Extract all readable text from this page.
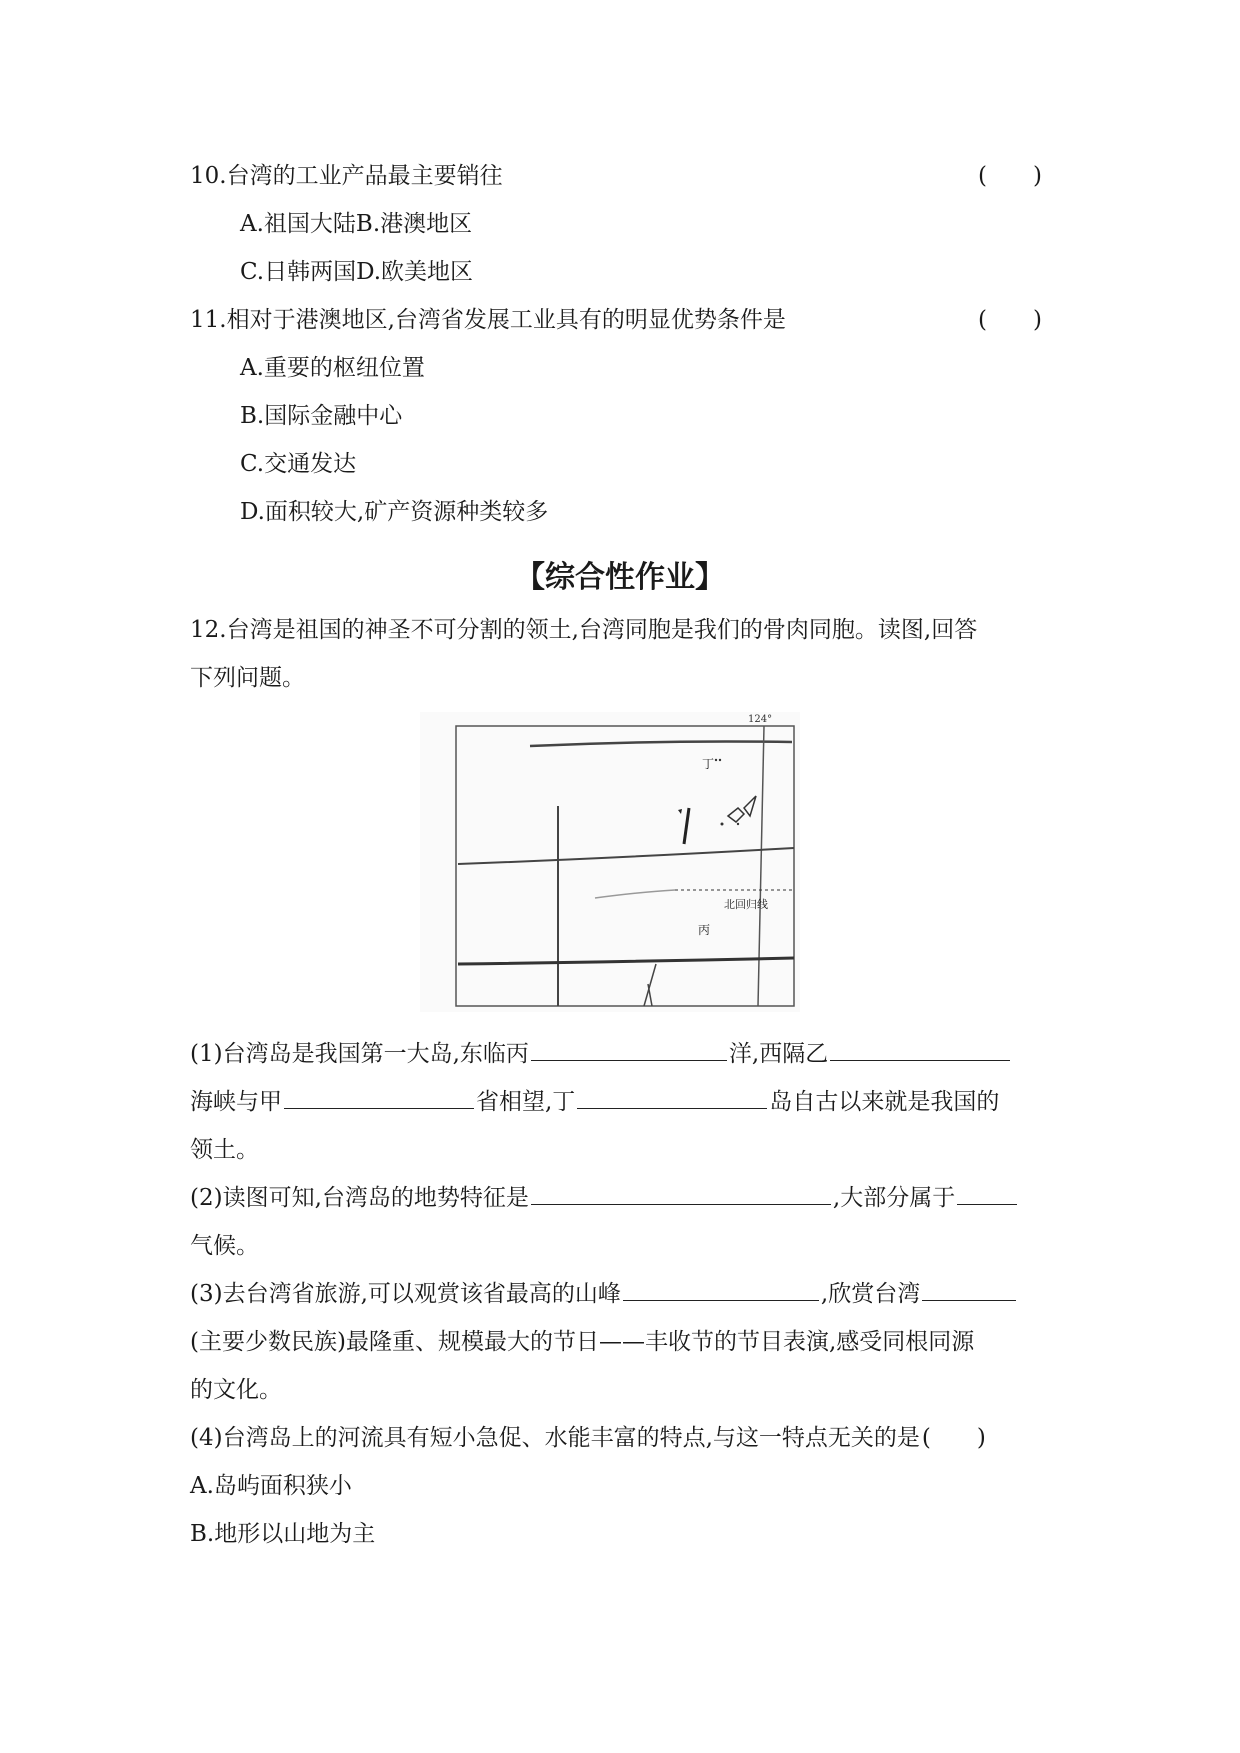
10.台湾的工业产品最主要销往	(　　)
A.祖国大陆B.港澳地区
C.日韩两国D.欧美地区
11.相对于港澳地区,台湾省发展工业具有的明显优势条件是	(　　)
A.重要的枢纽位置
B.国际金融中心
C.交通发达
D.面积较大,矿产资源种类较多
【综合性作业】
12.台湾是祖国的神圣不可分割的领土,台湾同胞是我们的骨肉同胞。读图,回答
下列问题。
124°
北回归线
丁
丙
(1)台湾岛是我国第一大岛,东临丙	洋,西隔乙
海峡与甲	省相望,丁	岛自古以来就是我国的
领土。
(2)读图可知,台湾岛的地势特征是	,大部分属于
气候。
(3)去台湾省旅游,可以观赏该省最高的山峰	,欣赏台湾
(主要少数民族)最隆重、规模最大的节日——丰收节的节目表演,感受同根同源
的文化。
(4)台湾岛上的河流具有短小急促、水能丰富的特点,与这一特点无关的是(　　)
A.岛屿面积狭小
B.地形以山地为主
